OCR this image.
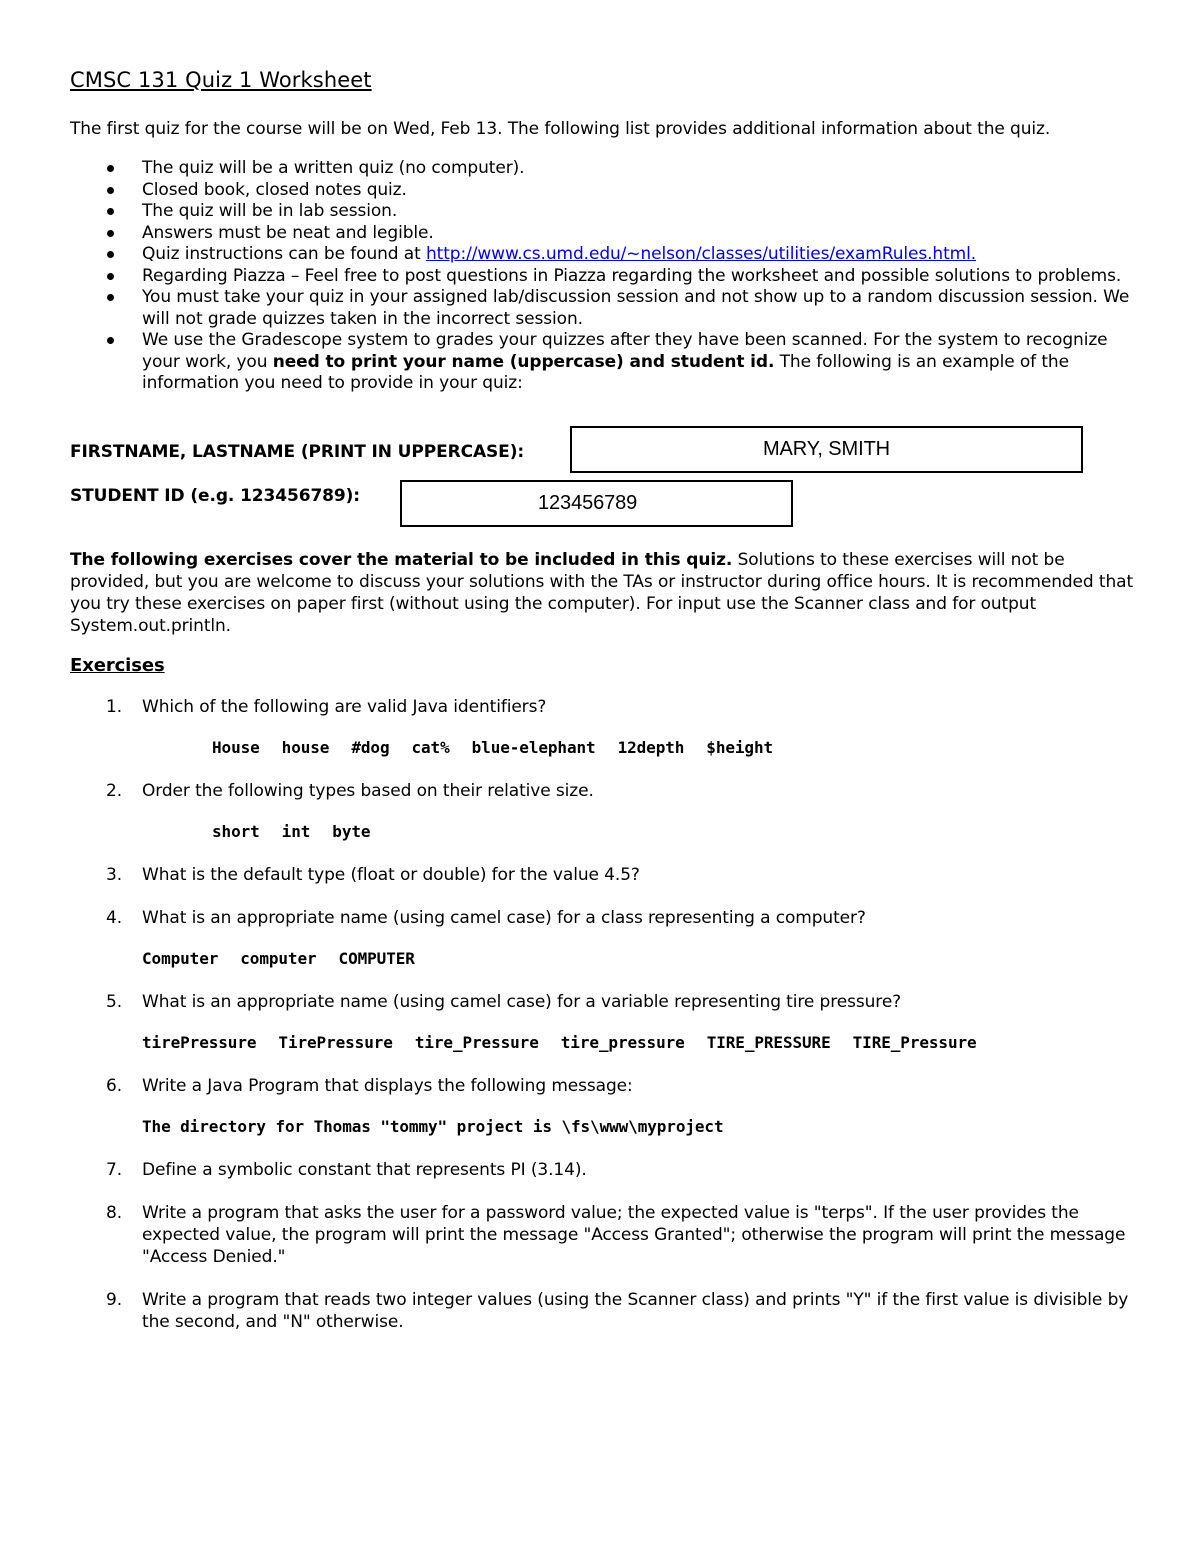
CMSC 131 Quiz 1 Worksheet
The first quiz for the course will be on Wed, Feb 13. The following list provides additional information about the quiz.
The quiz will be a written quiz (no computer).
Closed book, closed notes quiz.
The quiz will be in lab session.
Answers must be neat and legible.
Quiz instructions can be found at http://www.cs.umd.edu/~nelson/classes/utilities/examRules.html.
Regarding Piazza – Feel free to post questions in Piazza regarding the worksheet and possible solutions to problems.
You must take your quiz in your assigned lab/discussion session and not show up to a random discussion session. We will not grade quizzes taken in the incorrect session.
We use the Gradescope system to grades your quizzes after they have been scanned. For the system to recognize your work, you need to print your name (uppercase) and student id. The following is an example of the information you need to provide in your quiz:
FIRSTNAME, LASTNAME (PRINT IN UPPERCASE):	MARY, SMITH
STUDENT ID (e.g. 123456789):	123456789
The following exercises cover the material to be included in this quiz. Solutions to these exercises will not be provided, but you are welcome to discuss your solutions with the TAs or instructor during office hours. It is recommended that you try these exercises on paper first (without using the computer). For input use the Scanner class and for output System.out.println.
Exercises
1. Which of the following are valid Java identifiers?
House house #dog cat% blue-elephant 12depth $height
2. Order the following types based on their relative size.
short int byte
3. What is the default type (float or double) for the value 4.5?
4. What is an appropriate name (using camel case) for a class representing a computer?
Computer computer COMPUTER
5. What is an appropriate name (using camel case) for a variable representing tire pressure?
tirePressure TirePressure tire_Pressure tire_pressure TIRE_PRESSURE TIRE_Pressure
6. Write a Java Program that displays the following message:
The directory for Thomas "tommy" project is \fs\www\myproject
7. Define a symbolic constant that represents PI (3.14).
8. Write a program that asks the user for a password value; the expected value is "terps". If the user provides the expected value, the program will print the message "Access Granted"; otherwise the program will print the message "Access Denied."
9. Write a program that reads two integer values (using the Scanner class) and prints "Y" if the first value is divisible by the second, and "N" otherwise.
